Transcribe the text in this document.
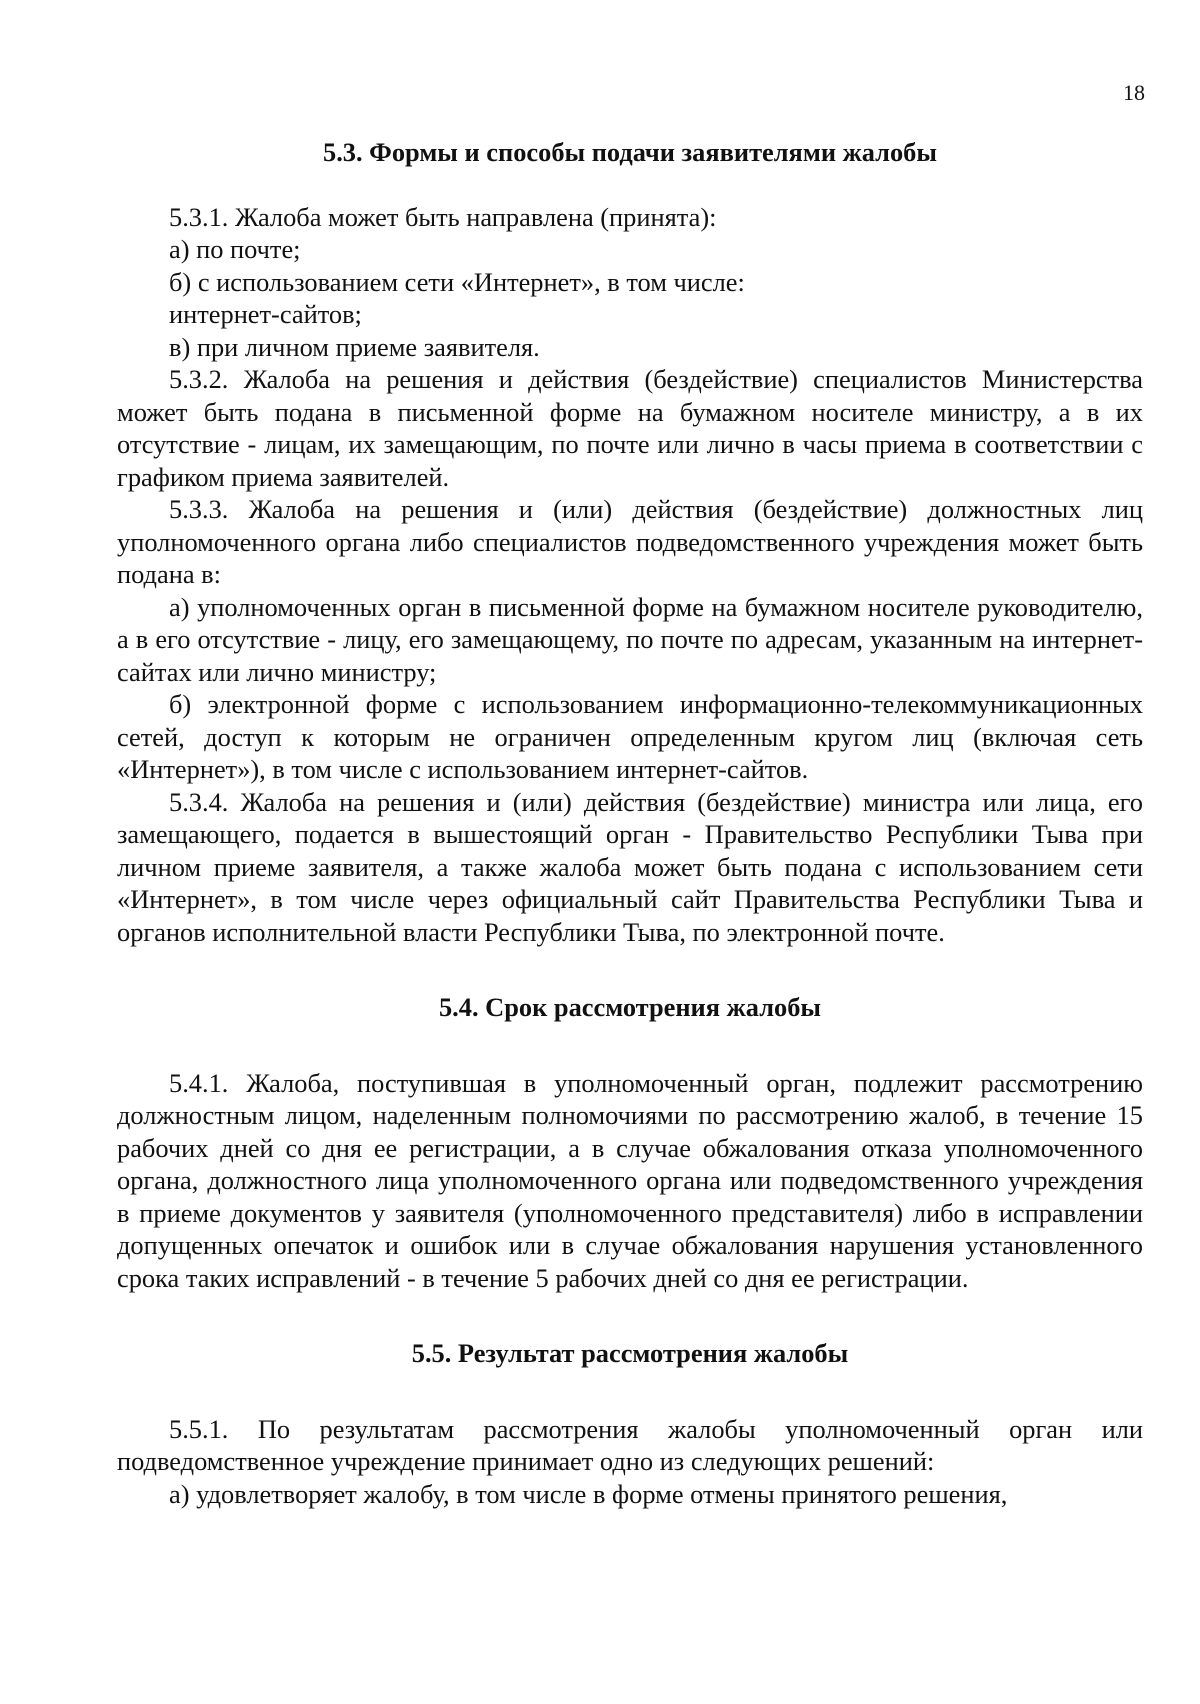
18

5.3. Формы и способы подачи заявителями жалобы

5.3.1. Жалоба может быть направлена (принята):

а) по почте;

б) с использованием сети «Интернет», в том числе:

интернет-сайтов;

в) при личном приеме заявителя.

5.3.2. Жалоба на решения и действия (бездействие) специалистов Министерства может быть подана в письменной форме на бумажном носителе министру, а в их отсутствие - лицам, их замещающим, по почте или лично в часы приема в соответствии с графиком приема заявителей.

5.3.3. Жалоба на решения и (или) действия (бездействие) должностных лиц уполномоченного органа либо специалистов подведомственного учреждения может быть подана в:

а) уполномоченных орган в письменной форме на бумажном носителе руководителю, а в его отсутствие - лицу, его замещающему, по почте по адресам, указанным на интернет-сайтах или лично министру;

б) электронной форме с использованием информационно-телекоммуникационных сетей, доступ к которым не ограничен определенным кругом лиц (включая сеть «Интернет»), в том числе с использованием интернет-сайтов.

5.3.4. Жалоба на решения и (или) действия (бездействие) министра или лица, его замещающего, подается в вышестоящий орган - Правительство Республики Тыва при личном приеме заявителя, а также жалоба может быть подана с использованием сети «Интернет», в том числе через официальный сайт Правительства Республики Тыва и органов исполнительной власти Республики Тыва, по электронной почте.

5.4. Срок рассмотрения жалобы

5.4.1. Жалоба, поступившая в уполномоченный орган, подлежит рассмотрению должностным лицом, наделенным полномочиями по рассмотрению жалоб, в течение 15 рабочих дней со дня ее регистрации, а в случае обжалования отказа уполномоченного органа, должностного лица уполномоченного органа или подведомственного учреждения в приеме документов у заявителя (уполномоченного представителя) либо в исправлении допущенных опечаток и ошибок или в случае обжалования нарушения установленного срока таких исправлений - в течение 5 рабочих дней со дня ее регистрации.

5.5. Результат рассмотрения жалобы

5.5.1. По результатам рассмотрения жалобы уполномоченный орган или подведомственное учреждение принимает одно из следующих решений:

а) удовлетворяет жалобу, в том числе в форме отмены принятого решения,
